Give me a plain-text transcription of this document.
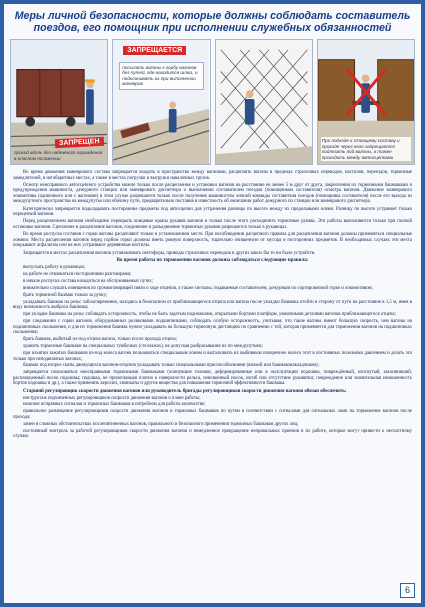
Меры личной безопасности, которые должны соблюдать составитель поездов, его помощник при исполнении служебных обязанностей
проход вдоль без надежного ограждения в опасном положении
ЗАПРЕЩЕН
ЗАПРЕЩАЕТСЯ
посылать вагоны к горбу вагонов без путей, где находится шлюз, и подклинивать их при выполнении маневров
При подходе к стоящему составу и проходе через него запрещается подлезать под вагоны, а также проходить между автосцепками

Во время движения маневрового состава запрещается входить в пространство между вагонами, расцеплять вагоны в пределах стрелочных переводов, настилов, переездов, тормозные замедлителей, в негабаритных местах, а также в местах погрузки и выгрузки навалочных грузов.

Осмотр неисправного автосцепного устройства можно только после расцепления и установки вагонов на расстояние не менее 5 м друг от друга, закрепления их тормозными башмаками и предупреждения машиниста, дежурного станции или маневрового диспетчера о выполнении составителем поездов (помощником составителя) осмотра вагонов. Движение маневрового локомотива (одиночного или с вагонами) в этом случае разрешается только после получения машинистом личной команды составителя поездов (помощника составителя) после его выхода из междупутного пространства на междупутье или обочину пути, предварительно поставив в известность об окончании работ дежурного по станции или маневрового диспетчера.

Категорически запрещается подкладывать посторонние предметы под автосцепки для устранения разницы по высоте между их продольными осями. Разницу по высоте устраняет только перецепкой вагонов.

Перед расцеплением вагонов необходимо перекрыть концевые краны рукавов вагонов в только после этого расъединить тормозные рукава. Эти работы выполняются только при полной остановке вагонов. Сцепление и расцепление вагонов, соединение и разъединение тормозных рукавов разрешается только в рукавицах.

Во время роспуска составов с горки вагоны расцепляют только в установленном месте. При несоблюдении расцепного правила для расцепления вагонов должны применяться специальные ломики. Места расцепления вагонов перед горбом горки должны иметь ровную поверхность, тщательно очищенную от мусора и посторонних предметов. В необходимых случаях эти места покрывают асфальтом или на них устраивают деревянные настилы.

Запрещается в местах расцепления вагонов устанавливать светофоры, приводы стрелочных переводов и других каких бы то ни было устройств.

Во время работы по торможению вагонов должны соблюдаться следующие правила:
выпускать работу в рукавицах;
на работе не отвлекаться посторонними разговорами;
в начале роспуска состава находиться на обслуживаемых путях;
внимательно слушать извещения по громкоговорящей связи о ходе отцепов, а также сигналы, подаваемые составителем, дежурным по сортировочной горке и локомотивом;
брать тормозной башмак только за ручку;
укладывать башмак на рельс заблаговременно, находясь в безопасном от приближающегося отцепа или вагона после укладки башмака отойти в сторону от пути на расстояние в 1,5 м, имея в виду возможность выброса башмака;
при укладке башмака на рельс соблюдать осторожность, чтобы не быть задетым подножками, открытыми бортами платформ, увязочными деталями вагонов приближающегося отцепа;
при следовании с горки вагонов, оборудованных роликовыми подшипниками, соблюдать особую осторожность, учитывая, что такие вагоны имеют большую скорость, чем вагоны на подшипниках скольжения, и для их торможения башмак нужно укладывать на большую тормозную дистанцию по сравнению с той, которая применяется для торможения вагонов на подшипниках скольжения;
брать башмак, выбитый из-под отцепа вагона, только после прохода отцепа;
хранить тормозные башмаки на специальных тумбочках (стеллажах), не допуская разбрасывания их по междупутьям;
при изъятии зажатых башмаков из-под колеса вагона пользоваться специальным ломом и выталкивать их выбивным поперечное колесо этот в постоянных полозьями давлением и делать это только при неподвижных вагонах;
башмак под второе скаты движущихся вагонов-отцепов укладывать только специальными приспособлениями (вилкой или башмаконакладчиком);
запрещается пользоваться неисправными тормозными башмаками (лопнувшие головки, деформированные или в эксплуатации подошвы, повреждённый, изогнутый, заклинивший, расплющенный носок подошвы; подошва, не прилегающая плотно к поверхности рельса, изношенный носок, изгиб или отсутствие руковятки; повреждение или значительная изношенность бортов подошвы и др.), а также применять керосин, химикаты и другие вещества для повышения тормозной эффективности башмака.
Старший регулировщик скорости движения вагонов или руководитель бригады регулировщиков скорости движения вагонов обязан обеспечить:
инструктаж подчиненных регулировщиков скорости движения вагонов о плане работы;
наличие исправных сигналов и тормозных башмаков в потребном для работы количестве;
правильное размещение регулировщиков скорости движения вагонов и тормозных башмаков по путям в соответствии с сигналами для сигнальных ламп на торможение вагонов после прохода;
замен в сложных обстоятельствах послепятиненных вагонов, правильного и безопасного применения тормозных башмаков других лиц;
постоянный контроль за работой регулировщиков скорости движения вагонов и немедленное прекращение неправильных приемов в их работе, которые могут привести к несчастному случаю.
6
